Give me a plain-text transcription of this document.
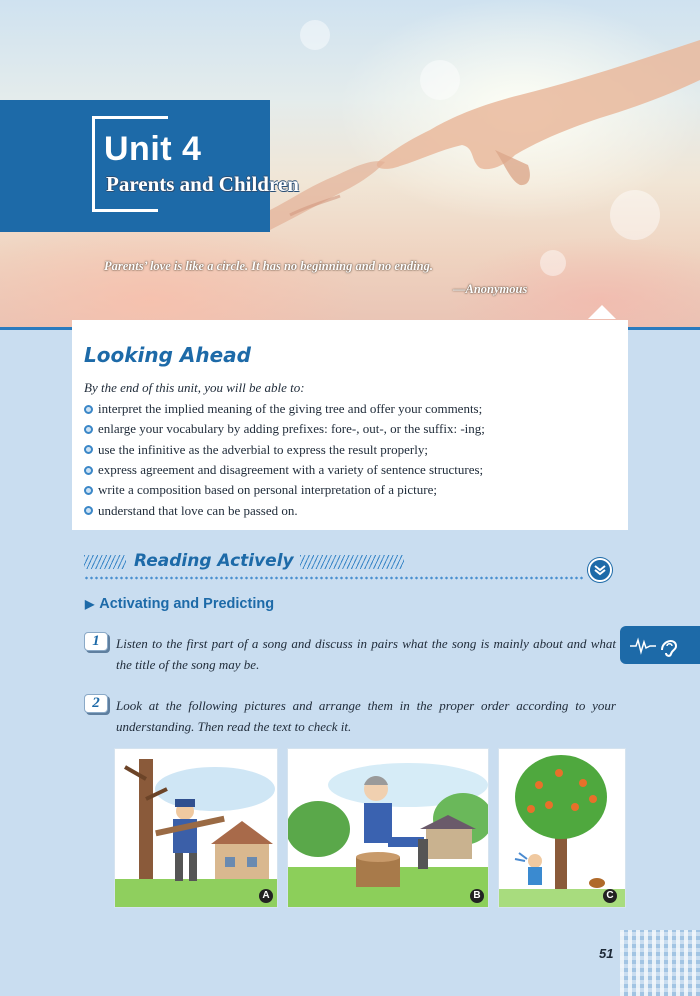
Unit 4
Parents and Children
Parents’ love is like a circle. It has no beginning and no ending.
—Anonymous
Looking Ahead
By the end of this unit, you will be able to:
interpret the implied meaning of the giving tree and offer your comments;
enlarge your vocabulary by adding prefixes: fore-, out-, or the suffix: -ing;
use the infinitive as the adverbial to express the result properly;
express agreement and disagreement with a variety of sentence structures;
write a composition based on personal interpretation of a picture;
understand that love can be passed on.
Reading Actively
▶ Activating and Predicting
1	Listen to the first part of a song and discuss in pairs what the song is mainly about and what the title of the song may be.
2	Look at the following pictures and arrange them in the proper order according to your understanding. Then read the text to check it.
A	B	C
51
